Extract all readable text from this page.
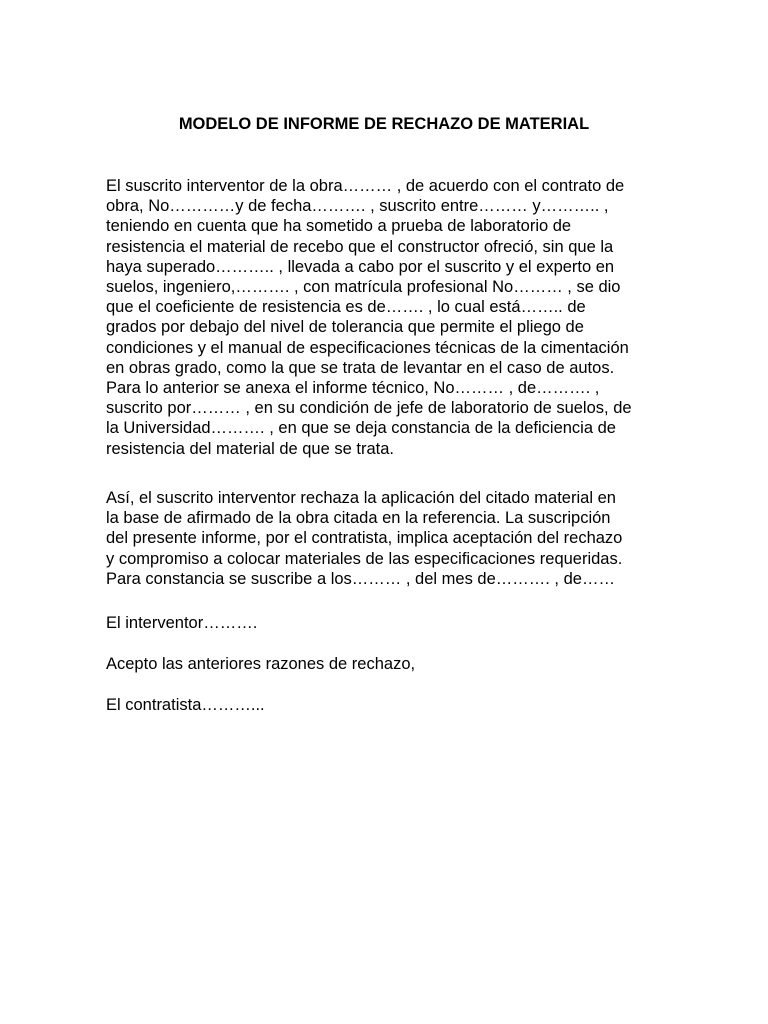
MODELO DE INFORME DE RECHAZO DE MATERIAL

El suscrito interventor de la obra……… , de acuerdo con el contrato de
obra, No…………y de fecha………. , suscrito entre……… y……….. ,
teniendo en cuenta que ha sometido a prueba de laboratorio de
resistencia el material de recebo que el constructor ofreció, sin que la
haya superado……….. , llevada a cabo por el suscrito y el experto en
suelos, ingeniero,………. , con matrícula profesional No……… , se dio
que el coeficiente de resistencia es de……. , lo cual está…….. de
grados por debajo del nivel de tolerancia que permite el pliego de
condiciones y el manual de especificaciones técnicas de la cimentación
en obras grado, como la que se trata de levantar en el caso de autos.
Para lo anterior se anexa el informe técnico, No……… , de………. ,
suscrito por……… , en su condición de jefe de laboratorio de suelos, de
la Universidad………. , en que se deja constancia de la deficiencia de
resistencia del material de que se trata.

Así, el suscrito interventor rechaza la aplicación del citado material en
la base de afirmado de la obra citada en la referencia. La suscripción
del presente informe, por el contratista, implica aceptación del rechazo
y compromiso a colocar materiales de las especificaciones requeridas.
Para constancia se suscribe a los……… , del mes de………. , de……

El interventor……….

Acepto las anteriores razones de rechazo,

El contratista………...
